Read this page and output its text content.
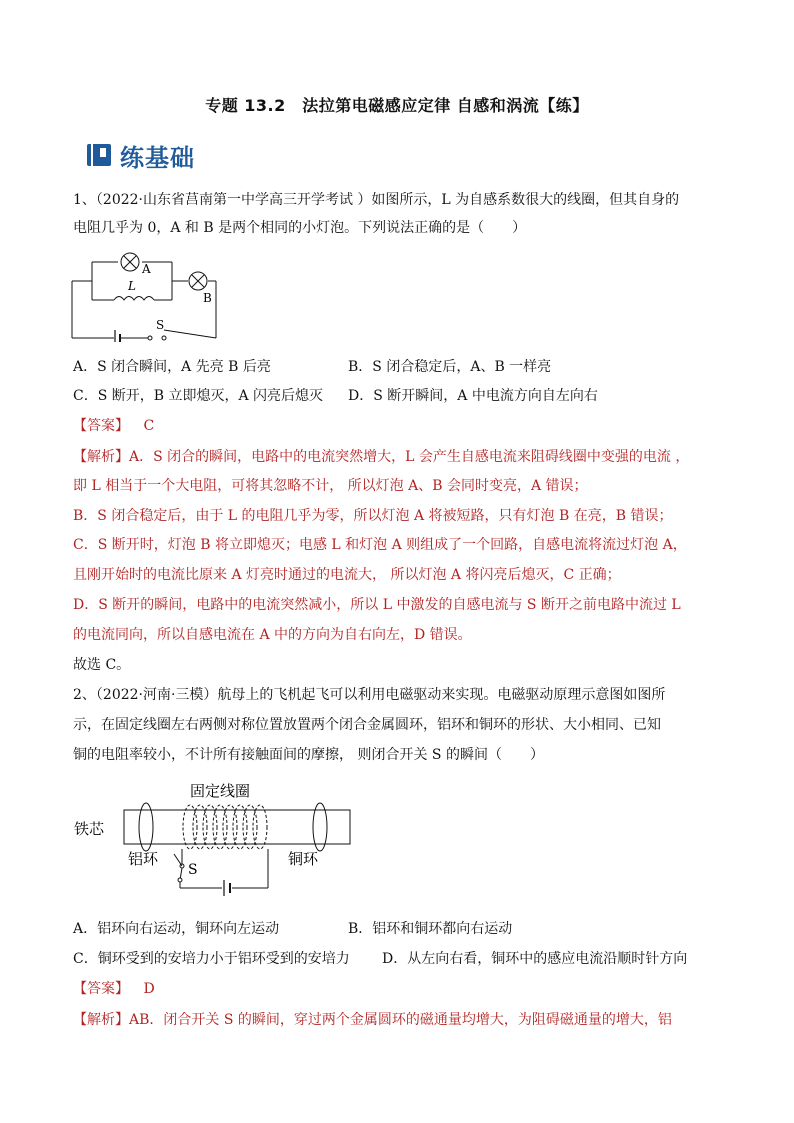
专题 13.2　法拉第电磁感应定律 自感和涡流【练】
练基础
1、（2022·山东省莒南第一中学高三开学考试 ）如图所示，L 为自感系数很大的线圈，但其自身的
电阻几乎为 0，A 和 B 是两个相同的小灯泡。下列说法正确的是（　　）
A
B
L
S
A．S 闭合瞬间，A 先亮 B 后亮	B．S 闭合稳定后，A、B 一样亮
C．S 断开，B 立即熄灭，A 闪亮后熄灭 D．S 断开瞬间，A 中电流方向自左向右
【答案】 C
【解析】A．S 闭合的瞬间，电路中的电流突然增大，L 会产生自感电流来阻碍线圈中变强的电流 ，
即 L 相当于一个大电阻，可将其忽略不计， 所以灯泡 A、B 会同时变亮，A 错误；
B．S 闭合稳定后，由于 L 的电阻几乎为零，所以灯泡 A 将被短路，只有灯泡 B 在亮，B 错误；
C．S 断开时，灯泡 B 将立即熄灭；电感 L 和灯泡 A 则组成了一个回路，自感电流将流过灯泡 A，
且刚开始时的电流比原来 A 灯亮时通过的电流大， 所以灯泡 A 将闪亮后熄灭，C 正确；
D．S 断开的瞬间，电路中的电流突然减小，所以 L 中激发的自感电流与 S 断开之前电路中流过 L
的电流同向，所以自感电流在 A 中的方向为自右向左，D 错误。
故选 C。
2、（2022·河南·三模）航母上的飞机起飞可以利用电磁驱动来实现。电磁驱动原理示意图如图所
示，在固定线圈左右两侧对称位置放置两个闭合金属圆环，铝环和铜环的形状、大小相同、已知
铜的电阻率较小，不计所有接触面间的摩擦， 则闭合开关 S 的瞬间（　　）
固定线圈
铁芯
铝环	铜环
S
A．铝环向右运动，铜环向左运动	B．铝环和铜环都向右运动
C．铜环受到的安培力小于铝环受到的安培力 D．从左向右看，铜环中的感应电流沿顺时针方向
【答案】 D
【解析】AB．闭合开关 S 的瞬间，穿过两个金属圆环的磁通量均增大，为阻碍磁通量的增大，铝
